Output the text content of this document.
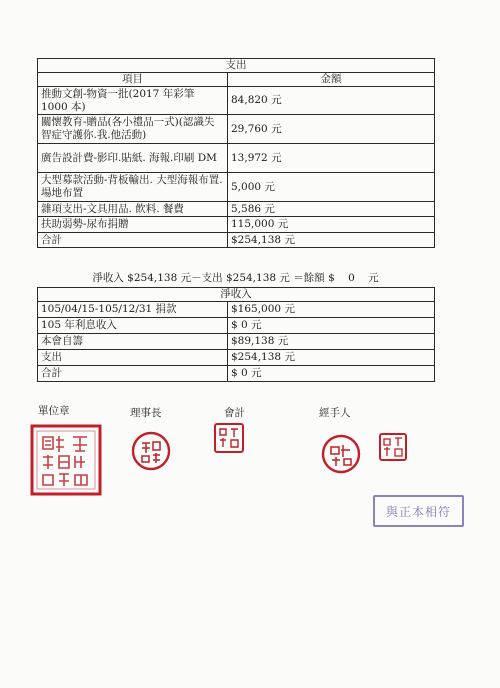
支出	
項目	金額
推動文創-物資一批(2017 年彩筆 1000 本)	84,820 元
關懷教育-贈品(各小禮品一式)(認識失智症守護你.我.他活動)	29,760 元
廣告設計費-影印.貼紙. 海報.印刷 DM	13,972 元
大型募款活動-背板輸出. 大型海報布置.場地布置	5,000 元
雜項支出-文具用品. 飲料. 餐費	5,586 元
扶助弱勢-尿布捐贈	115,000 元
合計	$254,138 元
淨收入 $254,138 元－支出 $254,138 元 ＝餘額 $    0    元
淨收入	
105/04/15-105/12/31 捐款	$165,000 元
105 年利息收入	$ 0 元
本會自籌	$89,138 元
支出	$254,138 元
合計	$ 0 元
單位章	理事長	會計	經手人
與正本相符
